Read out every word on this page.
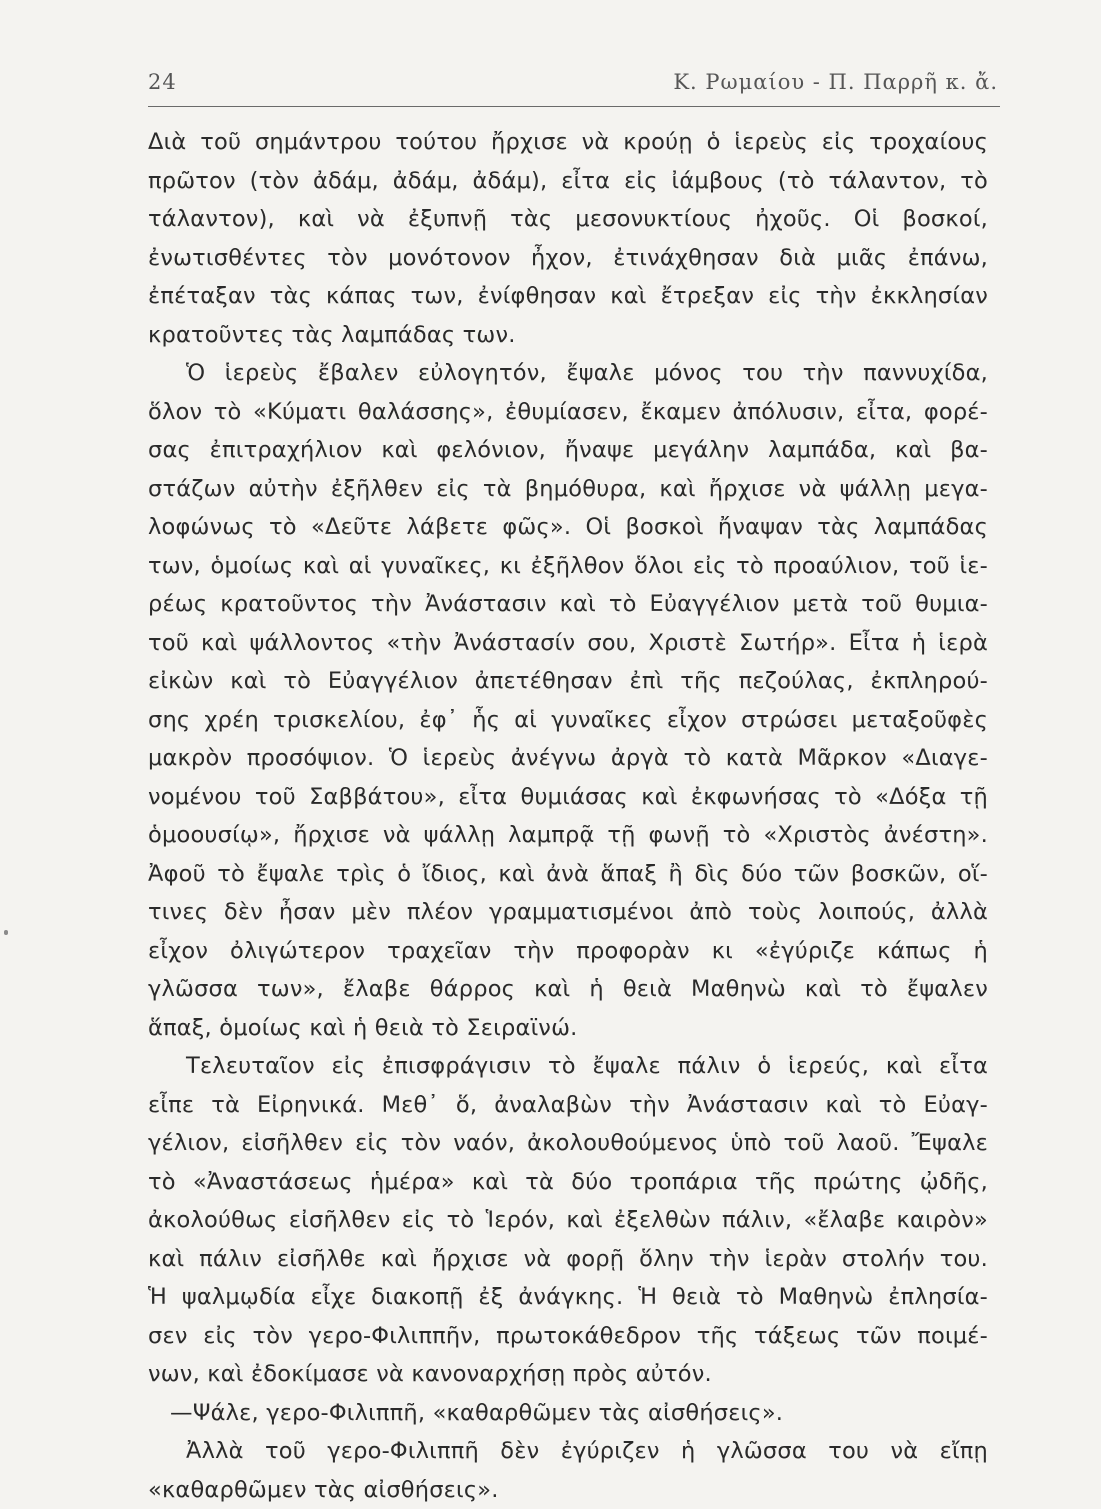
24	Κ. Ρωμαίου - Π. Παρρῆ κ. ἄ.
Διὰ τοῦ σημάντρου τούτου ἤρχισε νὰ κρούῃ ὁ ἱερεὺς εἰς τροχαίους
πρῶτον (τὸν ἀδάμ, ἀδάμ, ἀδάμ), εἶτα εἰς ἰάμβους (τὸ τάλαντον, τὸ
τάλαντον), καὶ νὰ ἐξυπνῇ τὰς μεσονυκτίους ἠχοῦς. Οἱ βοσκοί,
ἐνωτισθέντες τὸν μονότονον ἦχον, ἐτινάχθησαν διὰ μιᾶς ἐπάνω,
ἐπέταξαν τὰς κάπας των, ἐνίφθησαν καὶ ἔτρεξαν εἰς τὴν ἐκκλησίαν
κρατοῦντες τὰς λαμπάδας των.
Ὁ ἱερεὺς ἔβαλεν εὐλογητόν, ἔψαλε μόνος του τὴν παννυχίδα,
ὅλον τὸ «Κύματι θαλάσσης», ἐθυμίασεν, ἔκαμεν ἀπόλυσιν, εἶτα, φορέ-
σας ἐπιτραχήλιον καὶ φελόνιον, ἤναψε μεγάλην λαμπάδα, καὶ βα-
στάζων αὐτὴν ἐξῆλθεν εἰς τὰ βημόθυρα, καὶ ἤρχισε νὰ ψάλλῃ μεγα-
λοφώνως τὸ «Δεῦτε λάβετε φῶς». Οἱ βοσκοὶ ἤναψαν τὰς λαμπάδας
των, ὁμοίως καὶ αἱ γυναῖκες, κι ἐξῆλθον ὅλοι εἰς τὸ προαύλιον, τοῦ ἱε-
ρέως κρατοῦντος τὴν Ἀνάστασιν καὶ τὸ Εὐαγγέλιον μετὰ τοῦ θυμια-
τοῦ καὶ ψάλλοντος «τὴν Ἀνάστασίν σου, Χριστὲ Σωτήρ». Εἶτα ἡ ἱερὰ
εἰκὼν καὶ τὸ Εὐαγγέλιον ἀπετέθησαν ἐπὶ τῆς πεζούλας, ἐκπληρού-
σης χρέη τρισκελίου, ἐφ᾽ ἧς αἱ γυναῖκες εἶχον στρώσει μεταξοῦφὲς
μακρὸν προσόψιον. Ὁ ἱερεὺς ἀνέγνω ἀργὰ τὸ κατὰ Μᾶρκον «Διαγε-
νομένου τοῦ Σαββάτου», εἶτα θυμιάσας καὶ ἐκφωνήσας τὸ «Δόξα τῇ
ὁμοουσίῳ», ἤρχισε νὰ ψάλλῃ λαμπρᾷ τῇ φωνῇ τὸ «Χριστὸς ἀνέστη».
Ἀφοῦ τὸ ἔψαλε τρὶς ὁ ἴδιος, καὶ ἀνὰ ἅπαξ ἢ δὶς δύο τῶν βοσκῶν, οἵ-
τινες δὲν ἦσαν μὲν πλέον γραμματισμένοι ἀπὸ τοὺς λοιπούς, ἀλλὰ
εἶχον ὀλιγώτερον τραχεῖαν τὴν προφορὰν κι «ἐγύριζε κάπως ἡ
γλῶσσα των», ἔλαβε θάρρος καὶ ἡ θειὰ Μαθηνὼ καὶ τὸ ἔψαλεν
ἅπαξ, ὁμοίως καὶ ἡ θειὰ τὸ Σειραϊνώ.
Τελευταῖον εἰς ἐπισφράγισιν τὸ ἔψαλε πάλιν ὁ ἱερεύς, καὶ εἶτα
εἶπε τὰ Εἰρηνικά. Μεθ᾽ ὅ, ἀναλαβὼν τὴν Ἀνάστασιν καὶ τὸ Εὐαγ-
γέλιον, εἰσῆλθεν εἰς τὸν ναόν, ἀκολουθούμενος ὑπὸ τοῦ λαοῦ. Ἔψαλε
τὸ «Ἀναστάσεως ἡμέρα» καὶ τὰ δύο τροπάρια τῆς πρώτης ᾠδῆς,
ἀκολούθως εἰσῆλθεν εἰς τὸ Ἱερόν, καὶ ἐξελθὼν πάλιν, «ἔλαβε καιρὸν»
καὶ πάλιν εἰσῆλθε καὶ ἤρχισε νὰ φορῇ ὅλην τὴν ἱερὰν στολήν του.
Ἡ ψαλμῳδία εἶχε διακοπῇ ἐξ ἀνάγκης. Ἡ θειὰ τὸ Μαθηνὼ ἐπλησία-
σεν εἰς τὸν γερο-Φιλιππῆν, πρωτοκάθεδρον τῆς τάξεως τῶν ποιμέ-
νων, καὶ ἐδοκίμασε νὰ κανοναρχήσῃ πρὸς αὐτόν.
—Ψάλε, γερο-Φιλιππῆ, «καθαρθῶμεν τὰς αἰσθήσεις».
Ἀλλὰ τοῦ γερο-Φιλιππῆ δὲν ἐγύριζεν ἡ γλῶσσα του νὰ εἴπῃ
«καθαρθῶμεν τὰς αἰσθήσεις».
